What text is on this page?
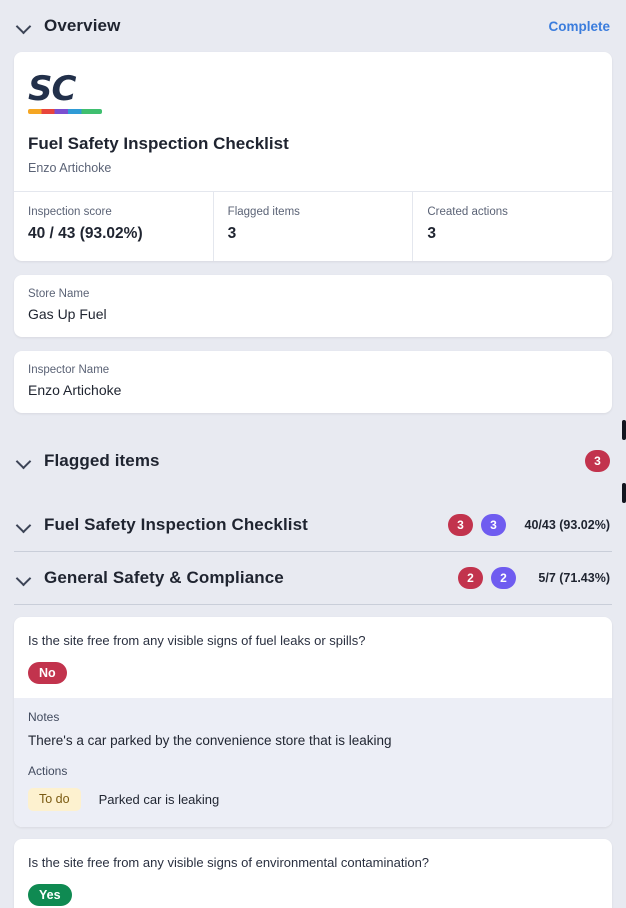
Overview	Complete
SC
Fuel Safety Inspection Checklist
Enzo Artichoke
Inspection score
40 / 43 (93.02%)
Flagged items
3
Created actions
3
Store Name
Gas Up Fuel
Inspector Name
Enzo Artichoke
Flagged items	3
Fuel Safety Inspection Checklist	3	3	40/43 (93.02%)
General Safety & Compliance	2	2	5/7 (71.43%)
Is the site free from any visible signs of fuel leaks or spills?
No
Notes
There's a car parked by the convenience store that is leaking
Actions
To do	Parked car is leaking
Is the site free from any visible signs of environmental contamination?
Yes
